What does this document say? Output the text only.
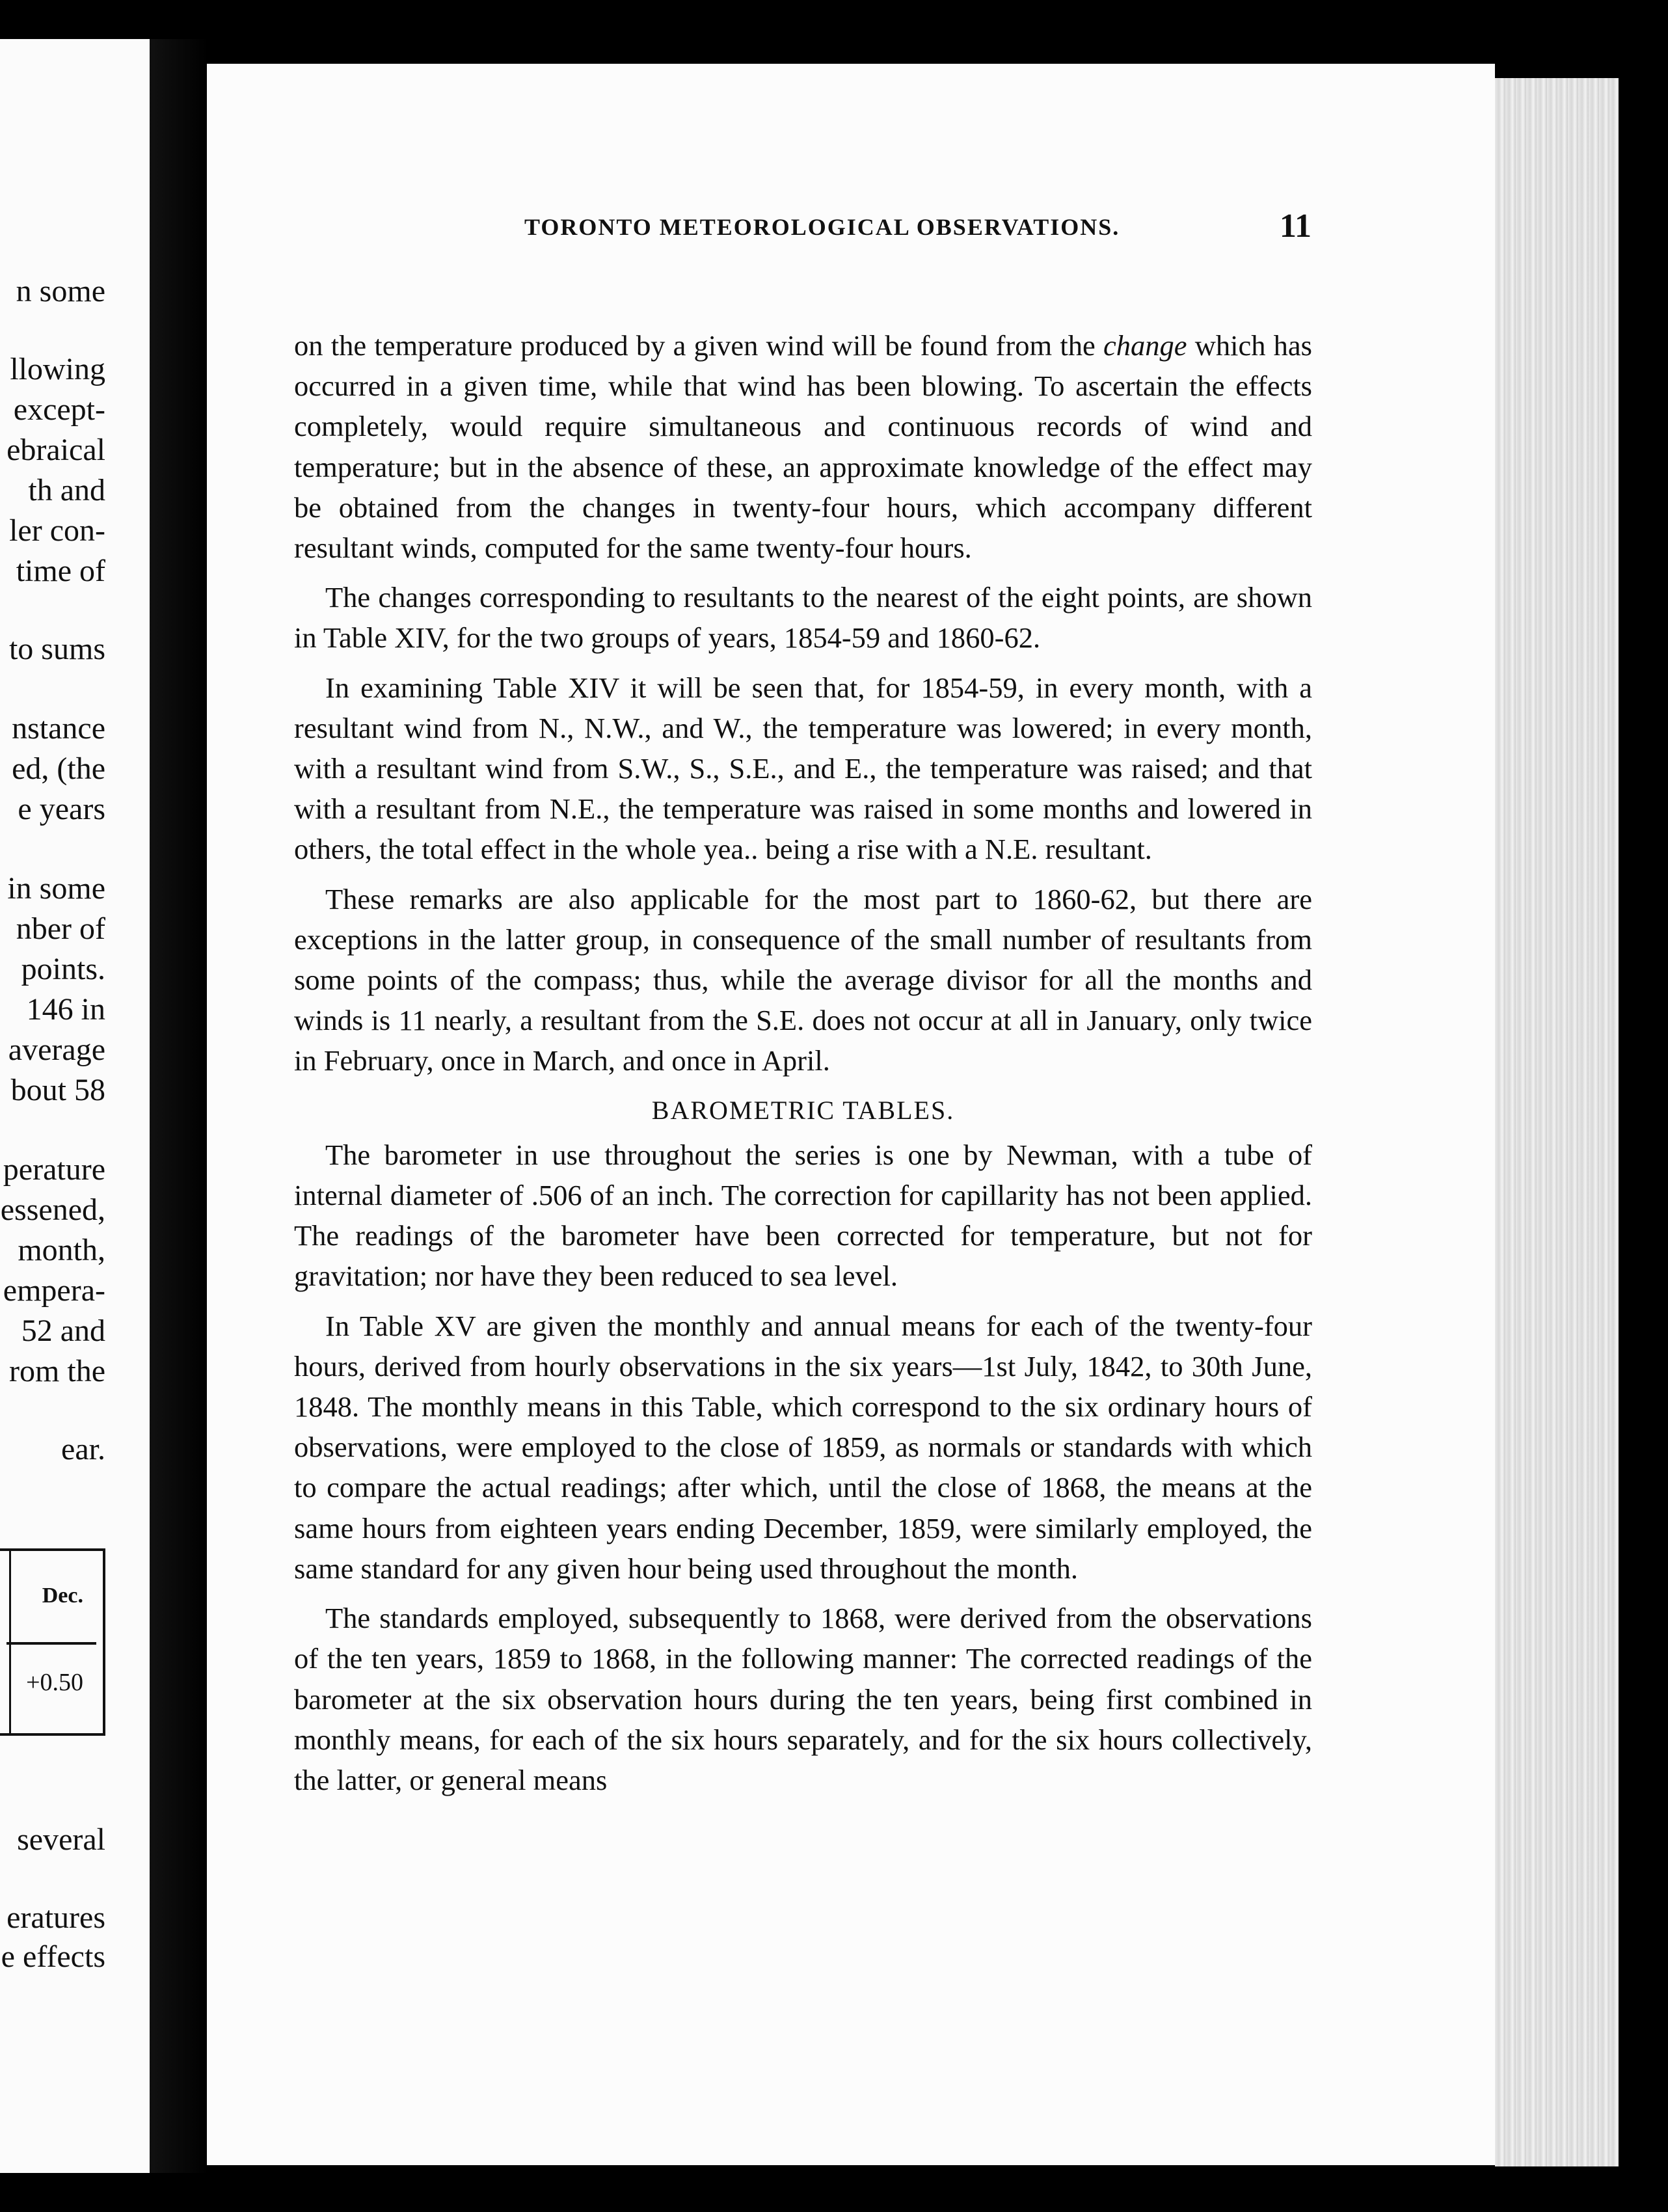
n some
llowing
except-
ebraical
th and
ler con-
time of
to sums
nstance
ed, (the
e years
in some
nber of
points.
146 in
average
bout 58
perature
essened,
month,
empera-
52 and
rom the
ear.
several
eratures
e effects
Dec.
+0.50
TORONTO METEOROLOGICAL OBSERVATIONS.	11

on the temperature produced by a given wind will be found from the change which has occurred in a given time, while that wind has been blowing. To ascertain the effects completely, would require simultaneous and continuous records of wind and temperature; but in the absence of these, an approximate knowledge of the effect may be obtained from the changes in twenty-four hours, which accompany different resultant winds, computed for the same twenty-four hours.

The changes corresponding to resultants to the nearest of the eight points, are shown in Table XIV, for the two groups of years, 1854-59 and 1860-62.

In examining Table XIV it will be seen that, for 1854-59, in every month, with a resultant wind from N., N.W., and W., the temperature was lowered; in every month, with a resultant wind from S.W., S., S.E., and E., the temperature was raised; and that with a resultant from N.E., the temperature was raised in some months and lowered in others, the total effect in the whole yea.. being a rise with a N.E. resultant.

These remarks are also applicable for the most part to 1860-62, but there are exceptions in the latter group, in consequence of the small number of resultants from some points of the compass; thus, while the average divisor for all the months and winds is 11 nearly, a resultant from the S.E. does not occur at all in January, only twice in February, once in March, and once in April.

BAROMETRIC TABLES.

The barometer in use throughout the series is one by Newman, with a tube of internal diameter of .506 of an inch. The correction for capillarity has not been applied. The readings of the barometer have been corrected for temperature, but not for gravitation; nor have they been reduced to sea level.

In Table XV are given the monthly and annual means for each of the twenty-four hours, derived from hourly observations in the six years—1st July, 1842, to 30th June, 1848. The monthly means in this Table, which correspond to the six ordinary hours of observations, were employed to the close of 1859, as normals or standards with which to compare the actual readings; after which, until the close of 1868, the means at the same hours from eighteen years ending December, 1859, were similarly employed, the same standard for any given hour being used throughout the month.

The standards employed, subsequently to 1868, were derived from the observations of the ten years, 1859 to 1868, in the following manner: The corrected readings of the barometer at the six observation hours during the ten years, being first combined in monthly means, for each of the six hours separately, and for the six hours collectively, the latter, or general means
